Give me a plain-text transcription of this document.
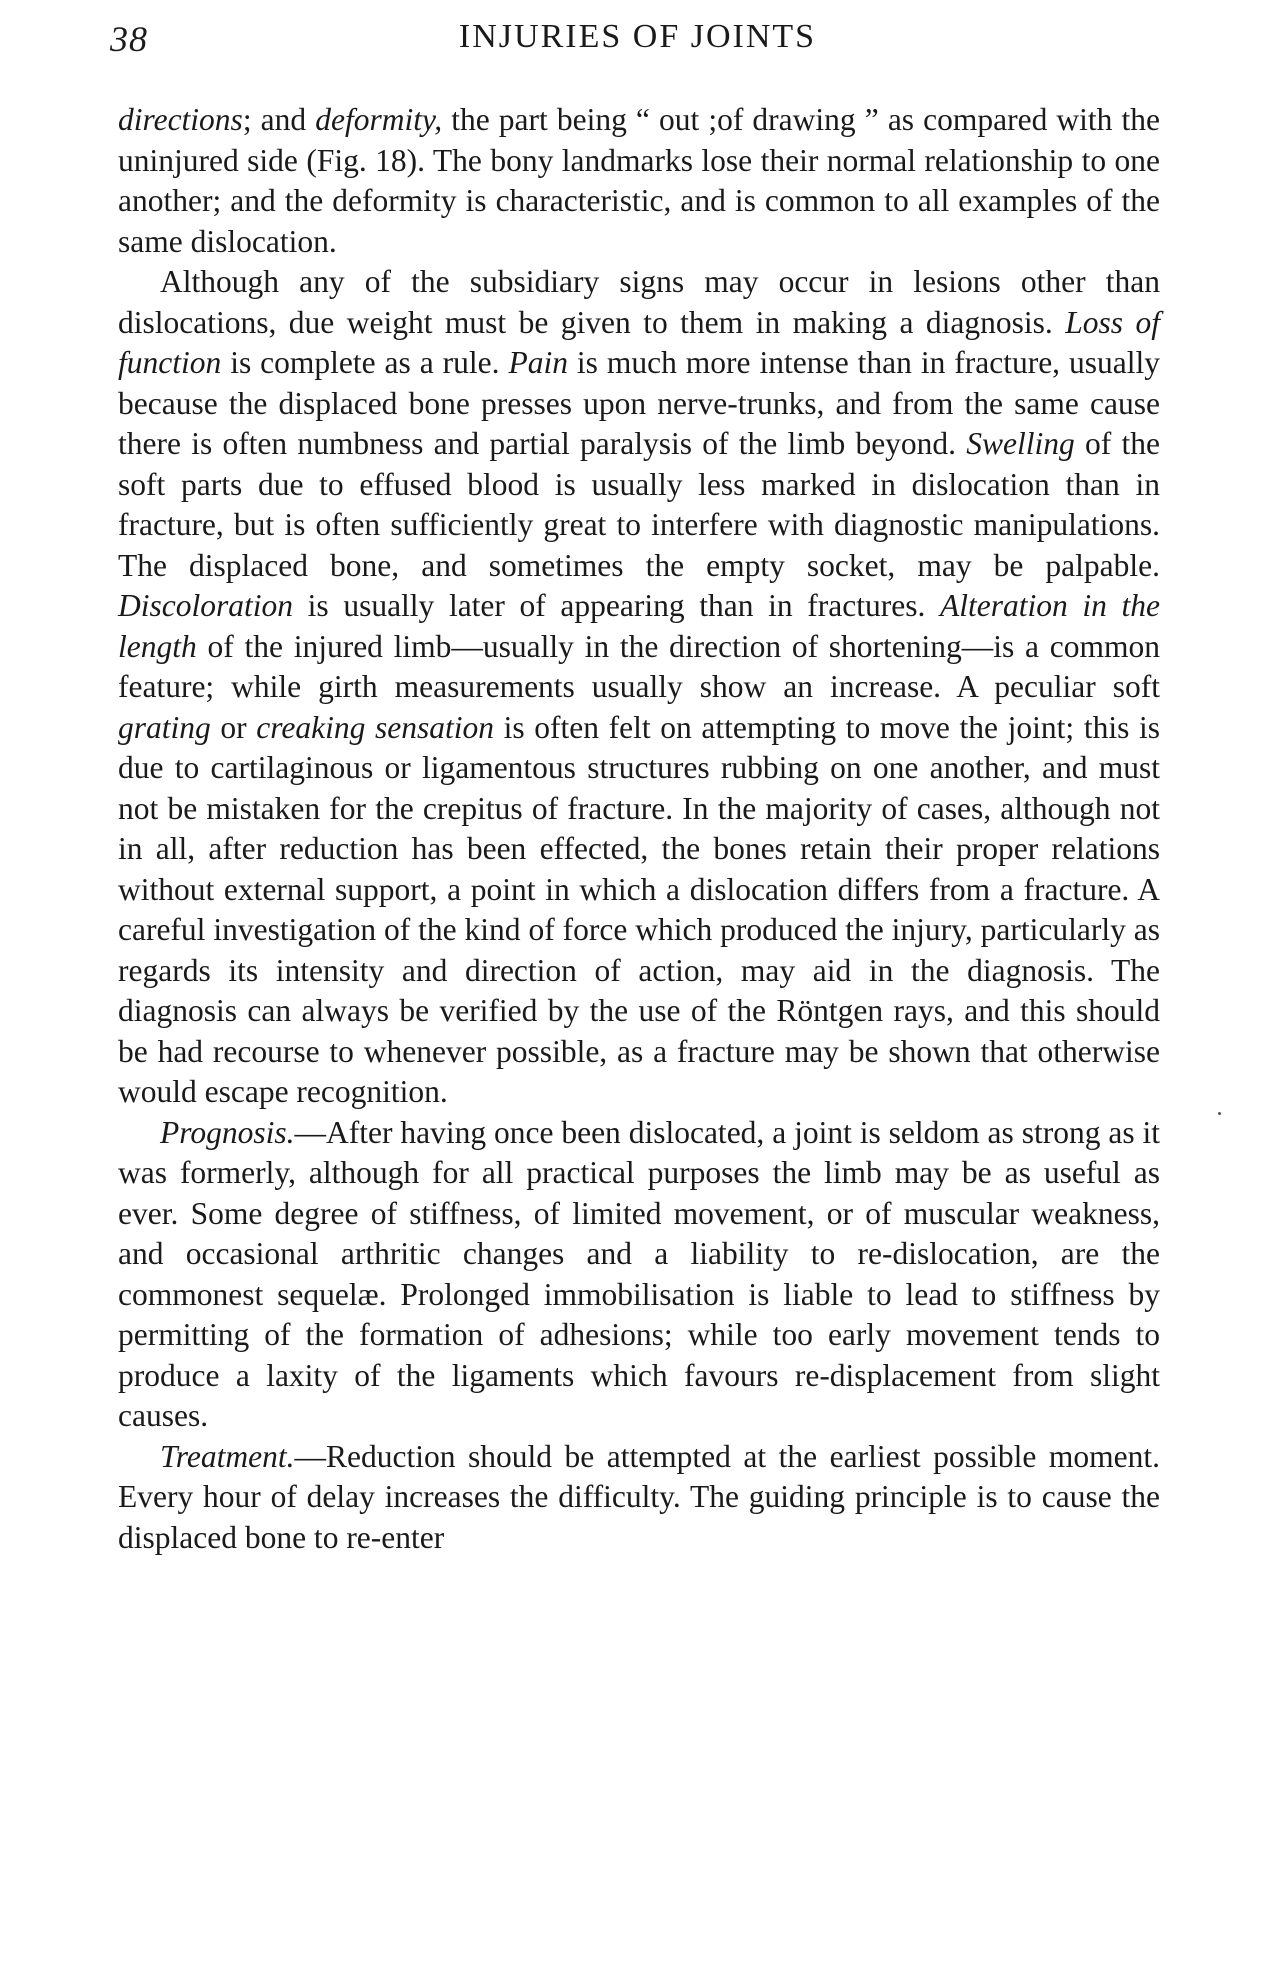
38	INJURIES OF JOINTS

directions; and deformity, the part being “ out ;of drawing ” as compared with the uninjured side (Fig. 18). The bony landmarks lose their normal relationship to one another; and the deformity is characteristic, and is common to all examples of the same dislocation.

Although any of the subsidiary signs may occur in lesions other than dislocations, due weight must be given to them in making a diagnosis. Loss of function is complete as a rule. Pain is much more intense than in fracture, usually because the displaced bone presses upon nerve-trunks, and from the same cause there is often numbness and partial paralysis of the limb beyond. Swelling of the soft parts due to effused blood is usually less marked in dislocation than in fracture, but is often sufficiently great to interfere with diagnostic manipulations. The displaced bone, and sometimes the empty socket, may be palpable. Discoloration is usually later of appearing than in fractures. Alteration in the length of the injured limb—usually in the direction of shortening—is a common feature; while girth measurements usually show an increase. A peculiar soft grating or creaking sensation is often felt on attempting to move the joint; this is due to cartilaginous or ligamentous structures rubbing on one another, and must not be mistaken for the crepitus of fracture. In the majority of cases, although not in all, after reduction has been effected, the bones retain their proper relations without external support, a point in which a dislocation differs from a fracture. A careful investigation of the kind of force which produced the injury, particularly as regards its intensity and direction of action, may aid in the diagnosis. The diagnosis can always be verified by the use of the Röntgen rays, and this should be had recourse to whenever possible, as a fracture may be shown that otherwise would escape recognition.

Prognosis.—After having once been dislocated, a joint is seldom as strong as it was formerly, although for all practical purposes the limb may be as useful as ever. Some degree of stiffness, of limited movement, or of muscular weakness, and occasional arthritic changes and a liability to re-dislocation, are the commonest sequelæ. Prolonged immobilisation is liable to lead to stiffness by permitting of the formation of adhesions; while too early movement tends to produce a laxity of the ligaments which favours re-displacement from slight causes.

Treatment.—Reduction should be attempted at the earliest possible moment. Every hour of delay increases the difficulty. The guiding principle is to cause the displaced bone to re-enter
